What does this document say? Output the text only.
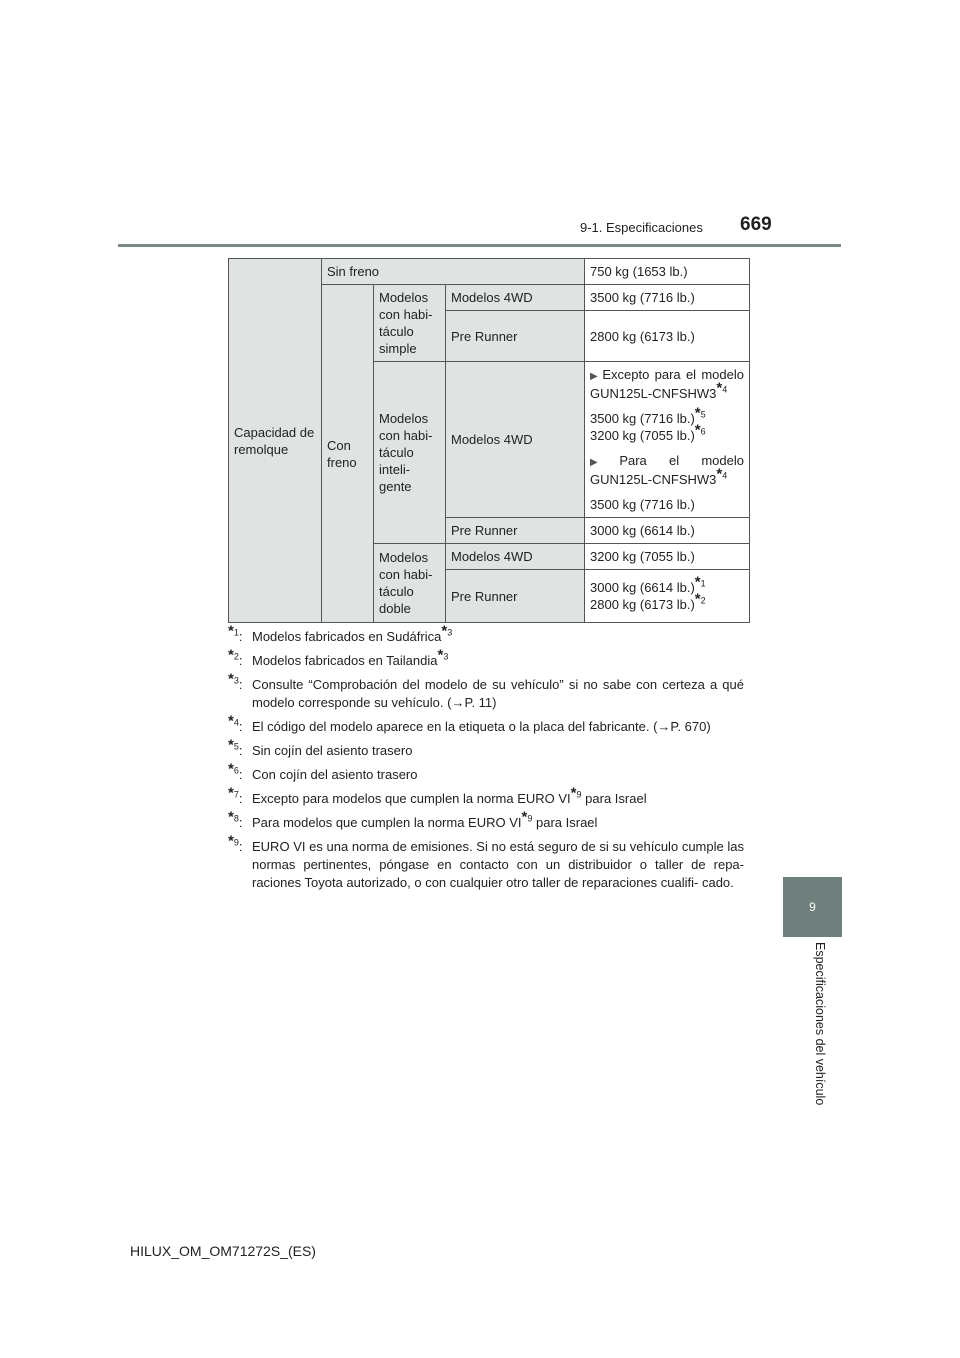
9-1. Especificaciones 669
9
Especificaciones del vehículo
Capacidad de remolque	Sin freno			750 kg (1653 lb.)
	Con freno	Modelos con habi- táculo simple	Modelos 4WD	3500 kg (7716 lb.)
			Pre Runner	2800 kg (6173 lb.)
		Modelos con habi- táculo inteli- gente	Modelos 4WD	▶ Excepto para el modelo GUN125L-CNFSHW3*$^4$
3500 kg (7716 lb.)*$^5$
3200 kg (7055 lb.)*$^6$
▶ Para el modelo GUN125L-CNFSHW3*$^4$
3500 kg (7716 lb.)

			Pre Runner	3000 kg (6614 lb.)
		Modelos con habi- táculo doble	Modelos 4WD	3200 kg (7055 lb.)
			Pre Runner	3000 kg (6614 lb.)*$^1$
2800 kg (6173 lb.)*$^2$
*$^1$: Modelos fabricados en Sudáfrica*$^3$
*$^2$: Modelos fabricados en Tailandia*$^3$
*$^3$: Consulte “Comprobación del modelo de su vehículo” si no sabe con certeza a qué modelo corresponde su vehículo. (→P. 11)
*$^4$: El código del modelo aparece en la etiqueta o la placa del fabricante. (→P. 670)
*$^5$: Sin cojín del asiento trasero
*$^6$: Con cojín del asiento trasero
*$^7$: Excepto para modelos que cumplen la norma EURO VI*$^9$ para Israel
*$^8$: Para modelos que cumplen la norma EURO VI*$^9$ para Israel
*$^9$: EURO VI es una norma de emisiones. Si no está seguro de si su vehículo cumple las normas pertinentes, póngase en contacto con un distribuidor o taller de repa- raciones Toyota autorizado, o con cualquier otro taller de reparaciones cualifi- cado.
HILUX_OM_OM71272S_(ES)
